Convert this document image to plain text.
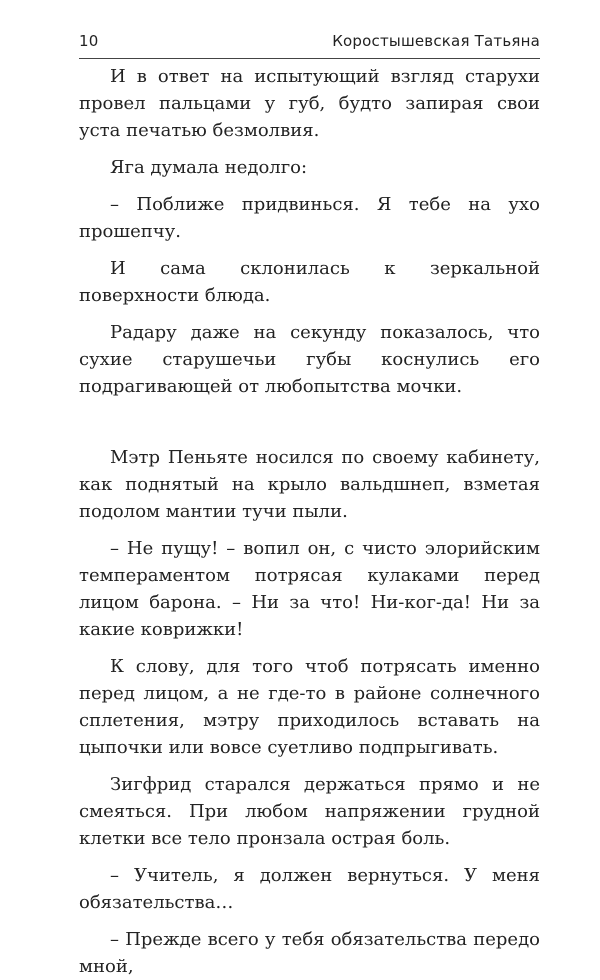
10	Коростышевская Татьяна

И в ответ на испытующий взгляд старухи провел пальцами у губ, будто запирая свои уста печатью безмолвия.

Яга думала недолго:

– Поближе придвинься. Я тебе на ухо прошепчу.

И сама склонилась к зеркальной поверхности блюда.

Радару даже на секунду показалось, что сухие старушечьи губы коснулись его подрагивающей от любопытства мочки.

Мэтр Пеньяте носился по своему кабинету, как поднятый на крыло вальдшнеп, взметая подолом мантии тучи пыли.

– Не пущу! – вопил он, с чисто элорийским темпераментом потрясая кулаками перед лицом барона. – Ни за что! Ни-ког-да! Ни за какие коврижки!

К слову, для того чтоб потрясать именно перед лицом, а не где-то в районе солнечного сплетения, мэтру приходилось вставать на цыпочки или вовсе суетливо подпрыгивать.

Зигфрид старался держаться прямо и не смеяться. При любом напряжении грудной клетки все тело пронзала острая боль.

– Учитель, я должен вернуться. У меня обязательства…

– Прежде всего у тебя обязательства передо мной,
